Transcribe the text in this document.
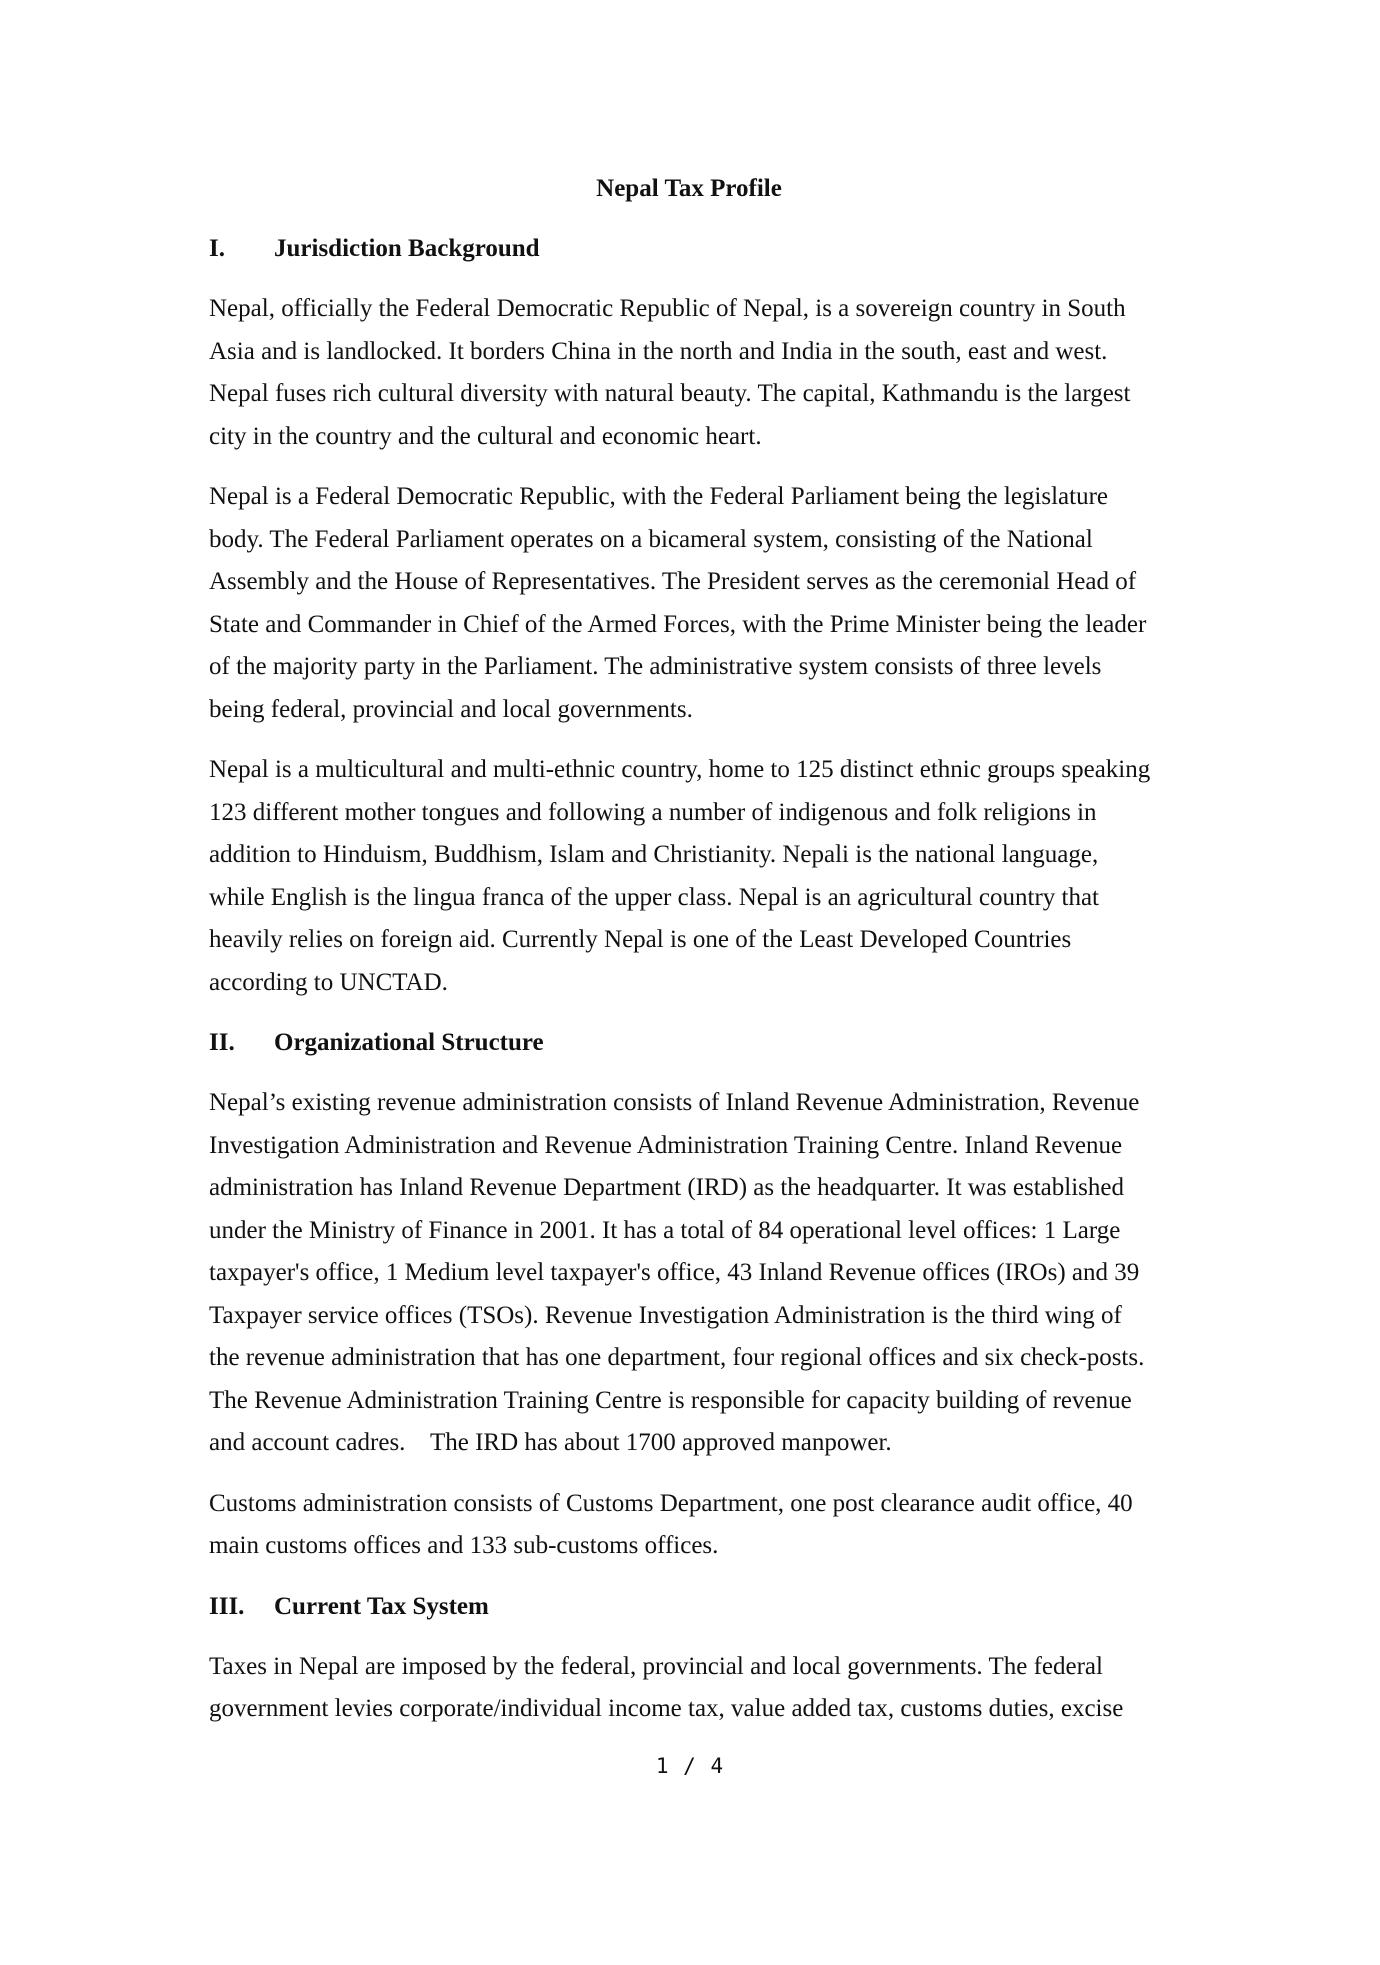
Nepal Tax Profile
I.	Jurisdiction Background

Nepal, officially the Federal Democratic Republic of Nepal, is a sovereign country in South
Asia and is landlocked. It borders China in the north and India in the south, east and west.
Nepal fuses rich cultural diversity with natural beauty. The capital, Kathmandu is the largest
city in the country and the cultural and economic heart.

Nepal is a Federal Democratic Republic, with the Federal Parliament being the legislature
body. The Federal Parliament operates on a bicameral system, consisting of the National
Assembly and the House of Representatives. The President serves as the ceremonial Head of
State and Commander in Chief of the Armed Forces, with the Prime Minister being the leader
of the majority party in the Parliament. The administrative system consists of three levels
being federal, provincial and local governments.

Nepal is a multicultural and multi-ethnic country, home to 125 distinct ethnic groups speaking
123 different mother tongues and following a number of indigenous and folk religions in
addition to Hinduism, Buddhism, Islam and Christianity. Nepali is the national language,
while English is the lingua franca of the upper class. Nepal is an agricultural country that
heavily relies on foreign aid. Currently Nepal is one of the Least Developed Countries
according to UNCTAD.

II.	Organizational Structure

Nepal’s existing revenue administration consists of Inland Revenue Administration, Revenue
Investigation Administration and Revenue Administration Training Centre. Inland Revenue
administration has Inland Revenue Department (IRD) as the headquarter. It was established
under the Ministry of Finance in 2001. It has a total of 84 operational level offices: 1 Large
taxpayer's office, 1 Medium level taxpayer's office, 43 Inland Revenue offices (IROs) and 39
Taxpayer service offices (TSOs). Revenue Investigation Administration is the third wing of
the revenue administration that has one department, four regional offices and six check-posts.
The Revenue Administration Training Centre is responsible for capacity building of revenue
and account cadres.    The IRD has about 1700 approved manpower.

Customs administration consists of Customs Department, one post clearance audit office, 40
main customs offices and 133 sub-customs offices.

III.	Current Tax System

Taxes in Nepal are imposed by the federal, provincial and local governments. The federal
government levies corporate/individual income tax, value added tax, customs duties, excise

1 / 4
